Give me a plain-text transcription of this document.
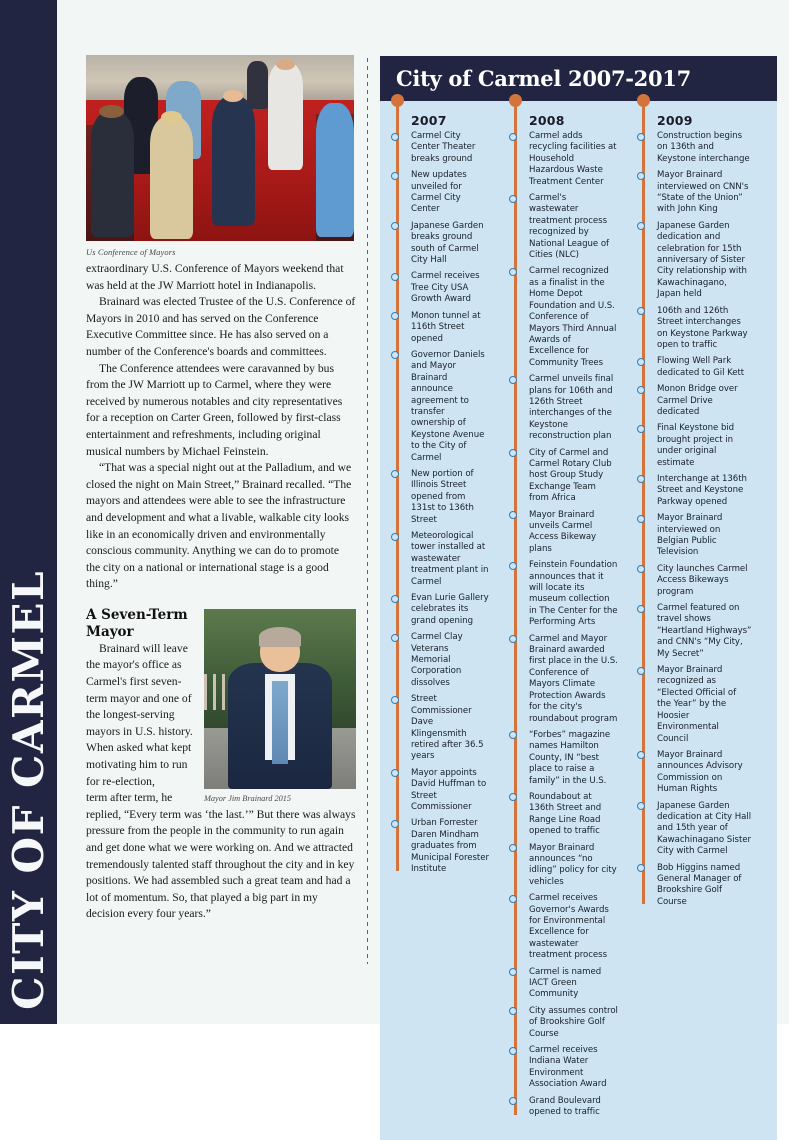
CITY OF CARMEL
Us Conference of Mayors

extraordinary U.S. Conference of Mayors weekend that was held at the JW Marriott hotel in Indianapolis.

Brainard was elected Trustee of the U.S. Conference of Mayors in 2010 and has served on the Conference Executive Committee since. He has also served on a number of the Conference's boards and committees.

The Conference attendees were caravanned by bus from the JW Marriott up to Carmel, where they were received by numerous notables and city representatives for a reception on Carter Green, followed by first-class entertainment and refreshments, including original musical numbers by Michael Feinstein.

“That was a special night out at the Palladium, and we closed the night on Main Street,” Brainard recalled. “The mayors and attendees were able to see the infrastructure and development and what a livable, walkable city looks like in an economically driven and environmentally conscious community. Anything we can do to promote the city on a national or international stage is a good thing.”

Mayor Jim Brainard 2015
A Seven-Term Mayor
Brainard will leave the mayor's office as Carmel's first seven-term mayor and one of the longest-serving mayors in U.S. history. When asked what kept motivating him to run for re-election,
term after term, he replied, “Every term was ‘the last.’” But there was always pressure from the people in the community to run again and get done what we were working on. And we attracted tremendously talented staff throughout the city and in key positions. We had assembled such a great team and had a lot of momentum. So, that played a big part in my decision every four years.”
City of Carmel 2007-2017
2007
Carmel City Center Theater breaks ground
New updates unveiled for Carmel City Center
Japanese Garden breaks ground south of Carmel City Hall
Carmel receives Tree City USA Growth Award
Monon tunnel at 116th Street opened
Governor Daniels and Mayor Brainard announce agreement to transfer ownership of Keystone Avenue to the City of Carmel
New portion of Illinois Street opened from 131st to 136th Street
Meteorological tower installed at wastewater treatment plant in Carmel
Evan Lurie Gallery celebrates its grand opening
Carmel Clay Veterans Memorial Corporation dissolves
Street Commissioner Dave Klingensmith retired after 36.5 years
Mayor appoints David Huffman to Street Commissioner
Urban Forrester Daren Mindham graduates from Municipal Forester Institute
2008
Carmel adds recycling facilities at Household Hazardous Waste Treatment Center
Carmel's wastewater treatment process recognized by National League of Cities (NLC)
Carmel recognized as a finalist in the Home Depot Foundation and U.S. Conference of Mayors Third Annual Awards of Excellence for Community Trees
Carmel unveils final plans for 106th and 126th Street interchanges of the Keystone reconstruction plan
City of Carmel and Carmel Rotary Club host Group Study Exchange Team from Africa
Mayor Brainard unveils Carmel Access Bikeway plans
Feinstein Foundation announces that it will locate its museum collection in The Center for the Performing Arts
Carmel and Mayor Brainard awarded first place in the U.S. Conference of Mayors Climate Protection Awards for the city's roundabout program
“Forbes” magazine names Hamilton County, IN “best place to raise a family” in the U.S.
Roundabout at 136th Street and Range Line Road opened to traffic
Mayor Brainard announces “no idling” policy for city vehicles
Carmel receives Governor's Awards for Environmental Excellence for wastewater treatment process
Carmel is named IACT Green Community
City assumes control of Brookshire Golf Course
Carmel receives Indiana Water Environment Association Award
Grand Boulevard opened to traffic
2009
Construction begins on 136th and Keystone interchange
Mayor Brainard interviewed on CNN's “State of the Union” with John King
Japanese Garden dedication and celebration for 15th anniversary of Sister City relationship with Kawachinagano, Japan held
106th and 126th Street interchanges on Keystone Parkway open to traffic
Flowing Well Park dedicated to Gil Kett
Monon Bridge over Carmel Drive dedicated
Final Keystone bid brought project in under original estimate
Interchange at 136th Street and Keystone Parkway opened
Mayor Brainard interviewed on Belgian Public Television
City launches Carmel Access Bikeways program
Carmel featured on travel shows “Heartland Highways” and CNN's “My City, My Secret”
Mayor Brainard recognized as “Elected Official of the Year” by the Hoosier Environmental Council
Mayor Brainard announces Advisory Commission on Human Rights
Japanese Garden dedication at City Hall and 15th year of Kawachinagano Sister City with Carmel
Bob Higgins named General Manager of Brookshire Golf Course
